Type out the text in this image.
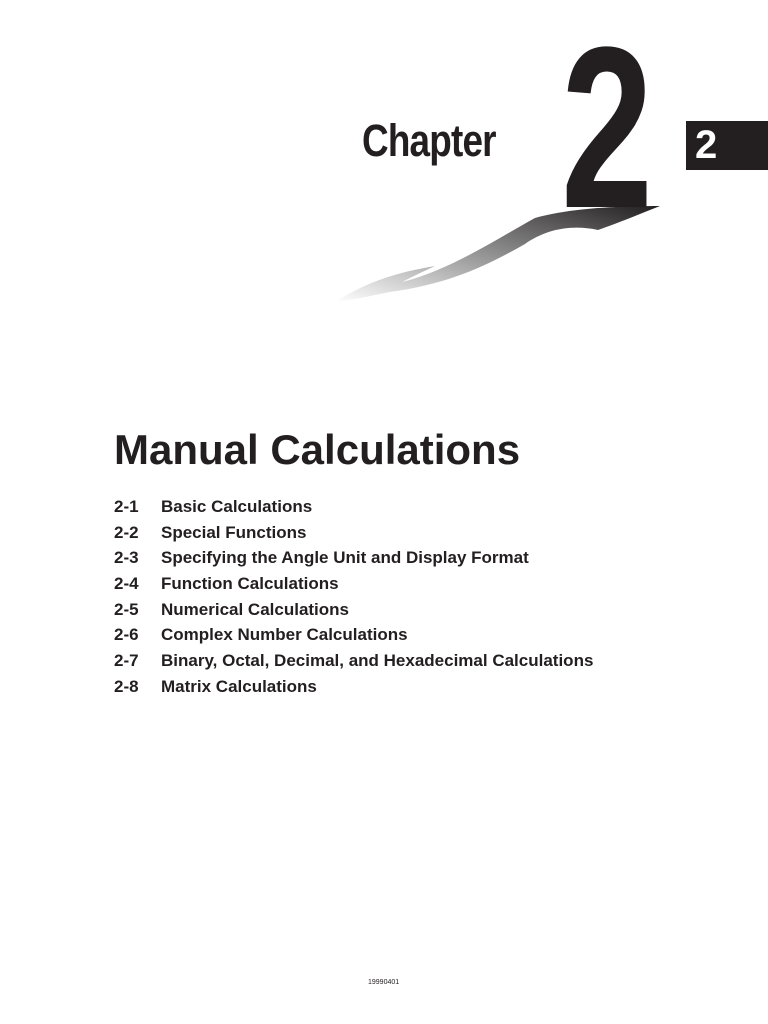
Chapter 2 2
Manual Calculations
2-1 Basic Calculations
2-2 Special Functions
2-3 Specifying the Angle Unit and Display Format
2-4 Function Calculations
2-5 Numerical Calculations
2-6 Complex Number Calculations
2-7 Binary, Octal, Decimal, and Hexadecimal Calculations
2-8 Matrix Calculations
19990401
